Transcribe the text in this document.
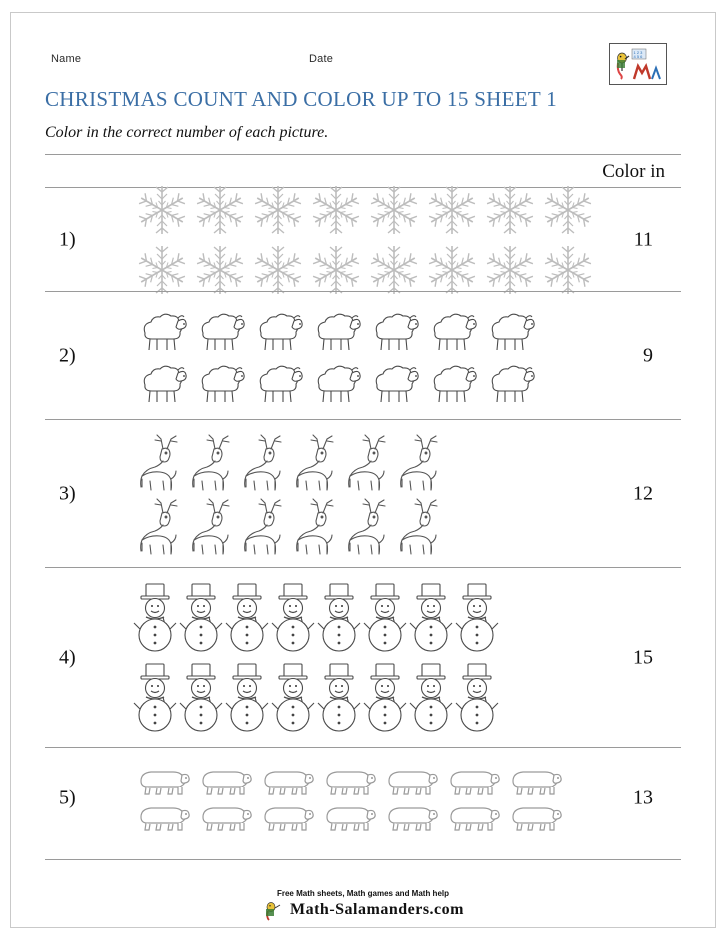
Name	Date
1 2 3
4 5 6
CHRISTMAS COUNT AND COLOR UP TO 15 SHEET 1
Color in the correct number of each picture.
Color in
1)	11
2)	9
3)	12
4)	15
5)	13
Free Math sheets, Math games and Math help
Math-Salamanders.com
